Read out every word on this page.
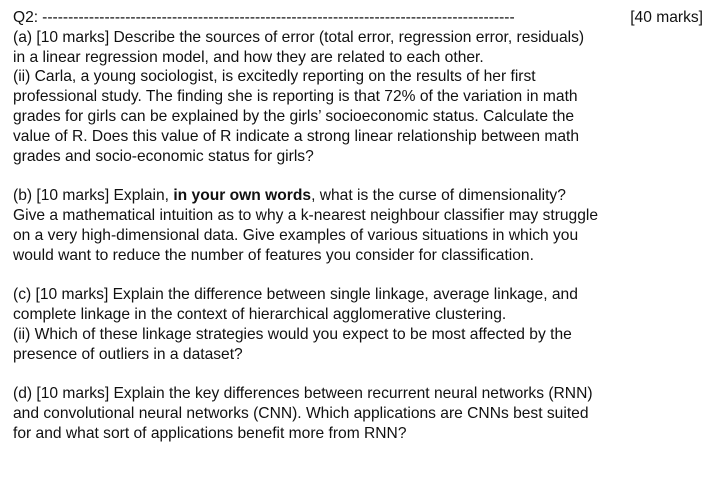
Q2: -------------------------------------------------------------------------------------------	[40 marks]
(a) [10 marks] Describe the sources of error (total error, regression error, residuals)
in a linear regression model, and how they are related to each other.
(ii) Carla, a young sociologist, is excitedly reporting on the results of her first
professional study. The finding she is reporting is that 72% of the variation in math
grades for girls can be explained by the girls’ socioeconomic status. Calculate the
value of R. Does this value of R indicate a strong linear relationship between math
grades and socio-economic status for girls?
(b) [10 marks] Explain, in your own words, what is the curse of dimensionality?
Give a mathematical intuition as to why a k-nearest neighbour classifier may struggle
on a very high-dimensional data. Give examples of various situations in which you
would want to reduce the number of features you consider for classification.
(c) [10 marks] Explain the difference between single linkage, average linkage, and
complete linkage in the context of hierarchical agglomerative clustering.
(ii) Which of these linkage strategies would you expect to be most affected by the
presence of outliers in a dataset?
(d) [10 marks] Explain the key differences between recurrent neural networks (RNN)
and convolutional neural networks (CNN). Which applications are CNNs best suited
for and what sort of applications benefit more from RNN?
